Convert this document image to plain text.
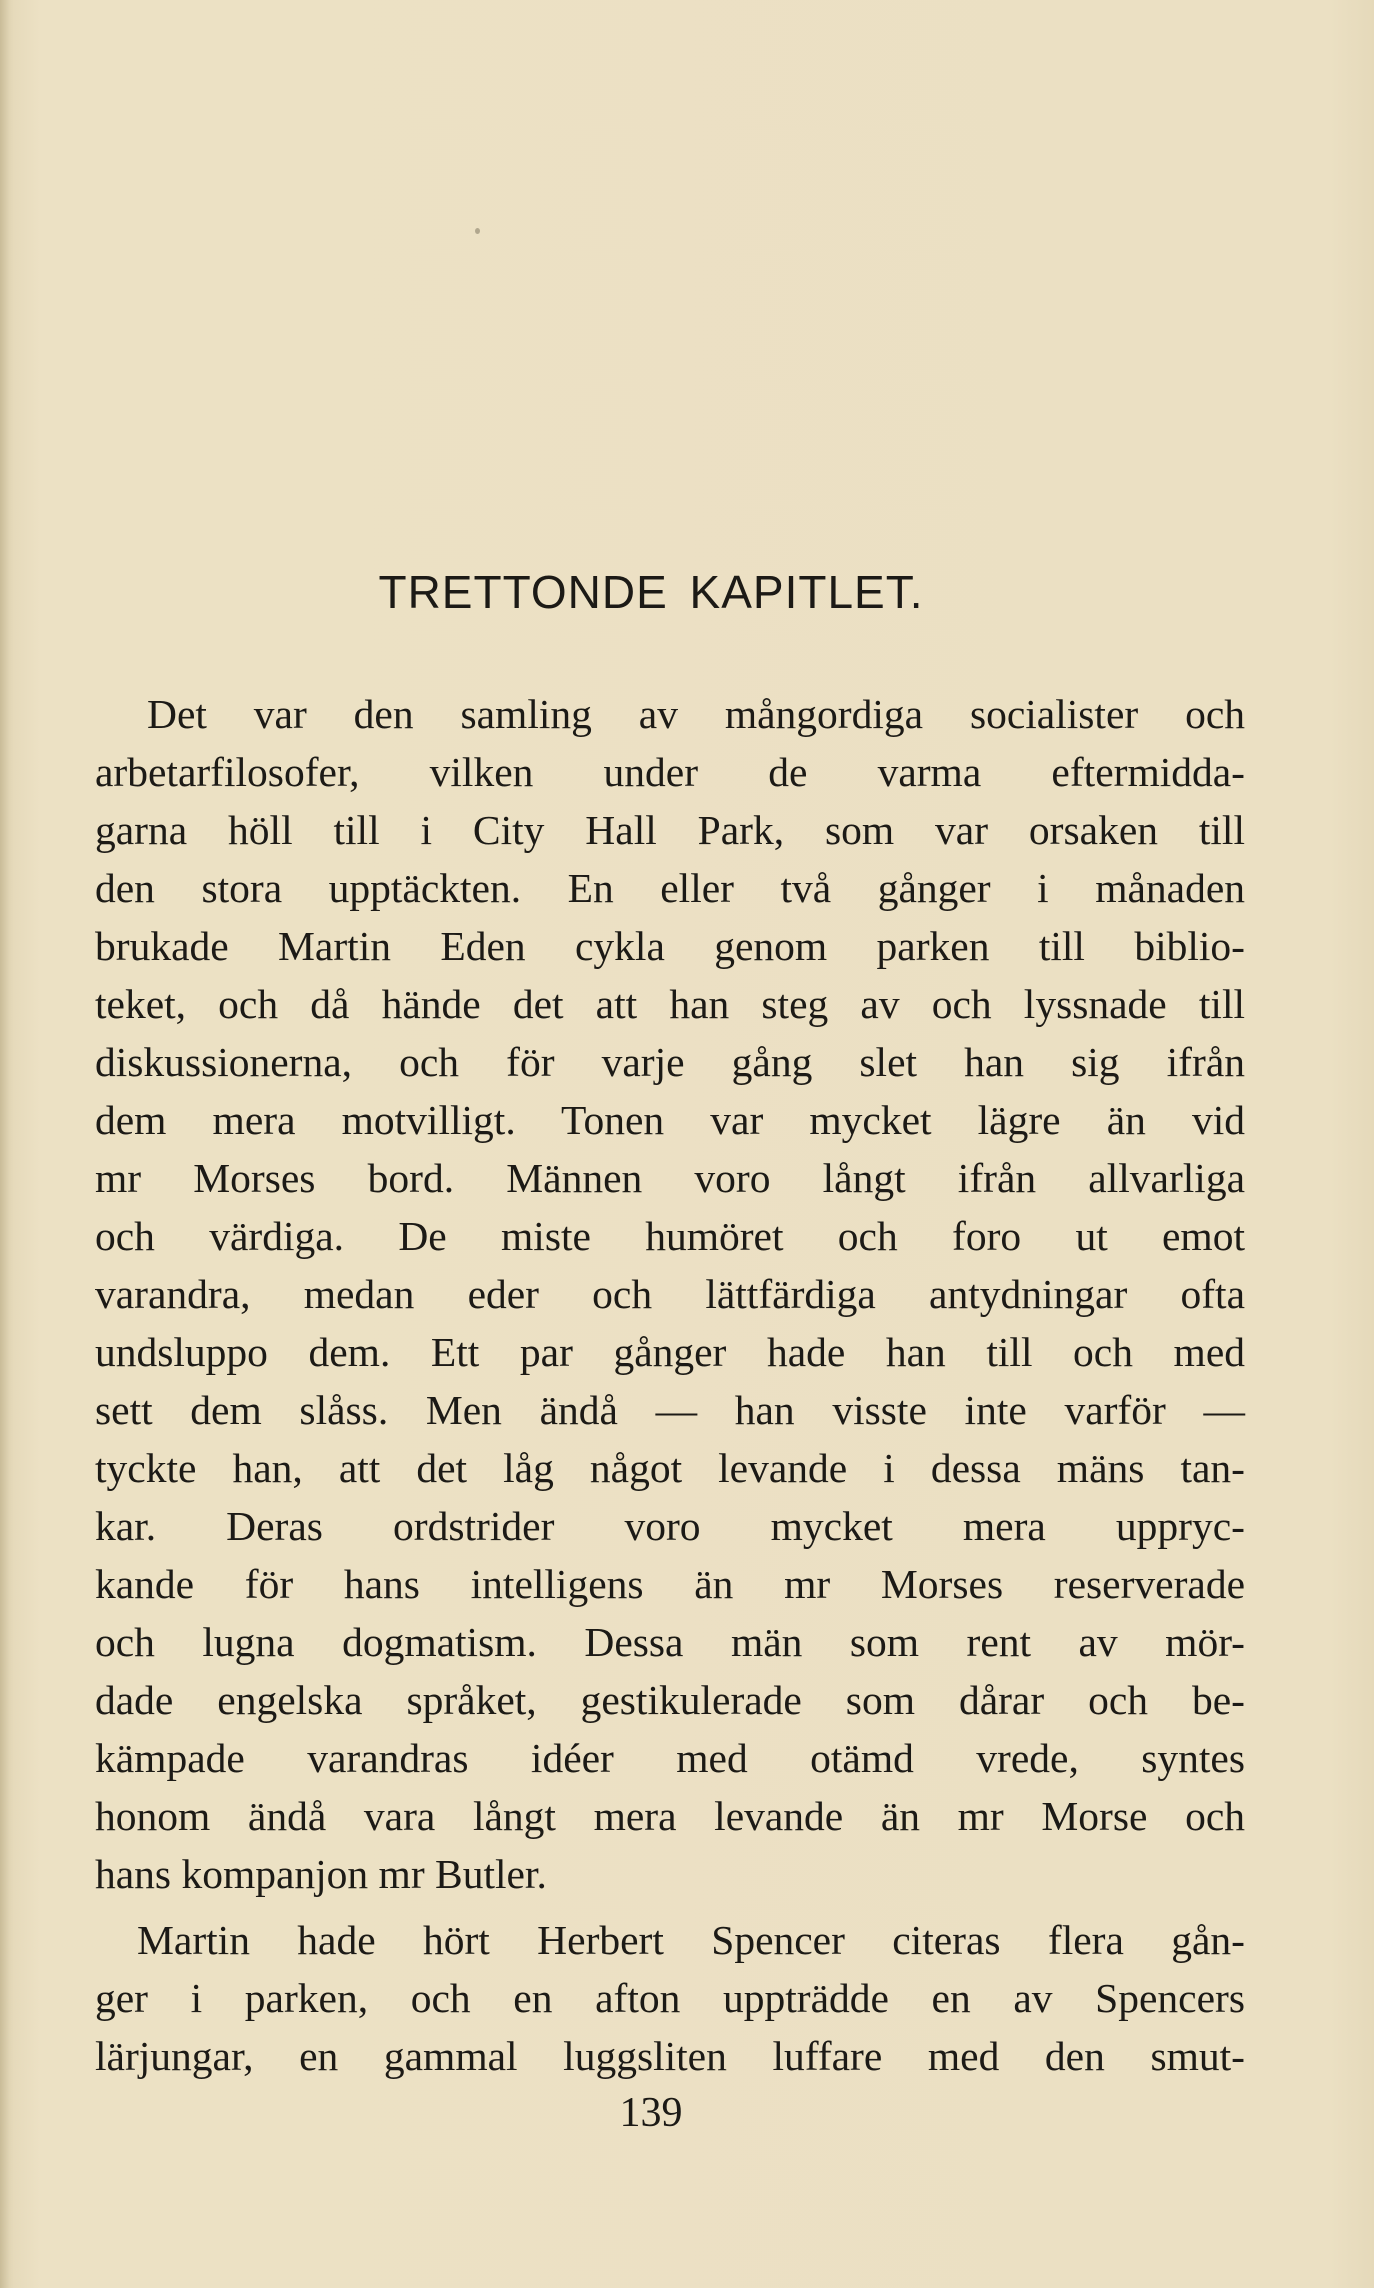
TRETTONDE KAPITLET.
Det var den samling av mångordiga socialister och
arbetarfilosofer, vilken under de varma eftermidda-
garna höll till i City Hall Park, som var orsaken till
den stora upptäckten. En eller två gånger i månaden
brukade Martin Eden cykla genom parken till biblio-
teket, och då hände det att han steg av och lyssnade till
diskussionerna, och för varje gång slet han sig ifrån
dem mera motvilligt. Tonen var mycket lägre än vid
mr Morses bord. Männen voro långt ifrån allvarliga
och värdiga. De miste humöret och foro ut emot
varandra, medan eder och lättfärdiga antydningar ofta
undsluppo dem. Ett par gånger hade han till och med
sett dem slåss. Men ändå — han visste inte varför —
tyckte han, att det låg något levande i dessa mäns tan-
kar. Deras ordstrider voro mycket mera uppryc-
kande för hans intelligens än mr Morses reserverade
och lugna dogmatism. Dessa män som rent av mör-
dade engelska språket, gestikulerade som dårar och be-
kämpade varandras idéer med otämd vrede, syntes
honom ändå vara långt mera levande än mr Morse och
hans kompanjon mr Butler.
Martin hade hört Herbert Spencer citeras flera gån-
ger i parken, och en afton uppträdde en av Spencers
lärjungar, en gammal luggsliten luffare med den smut-
139
